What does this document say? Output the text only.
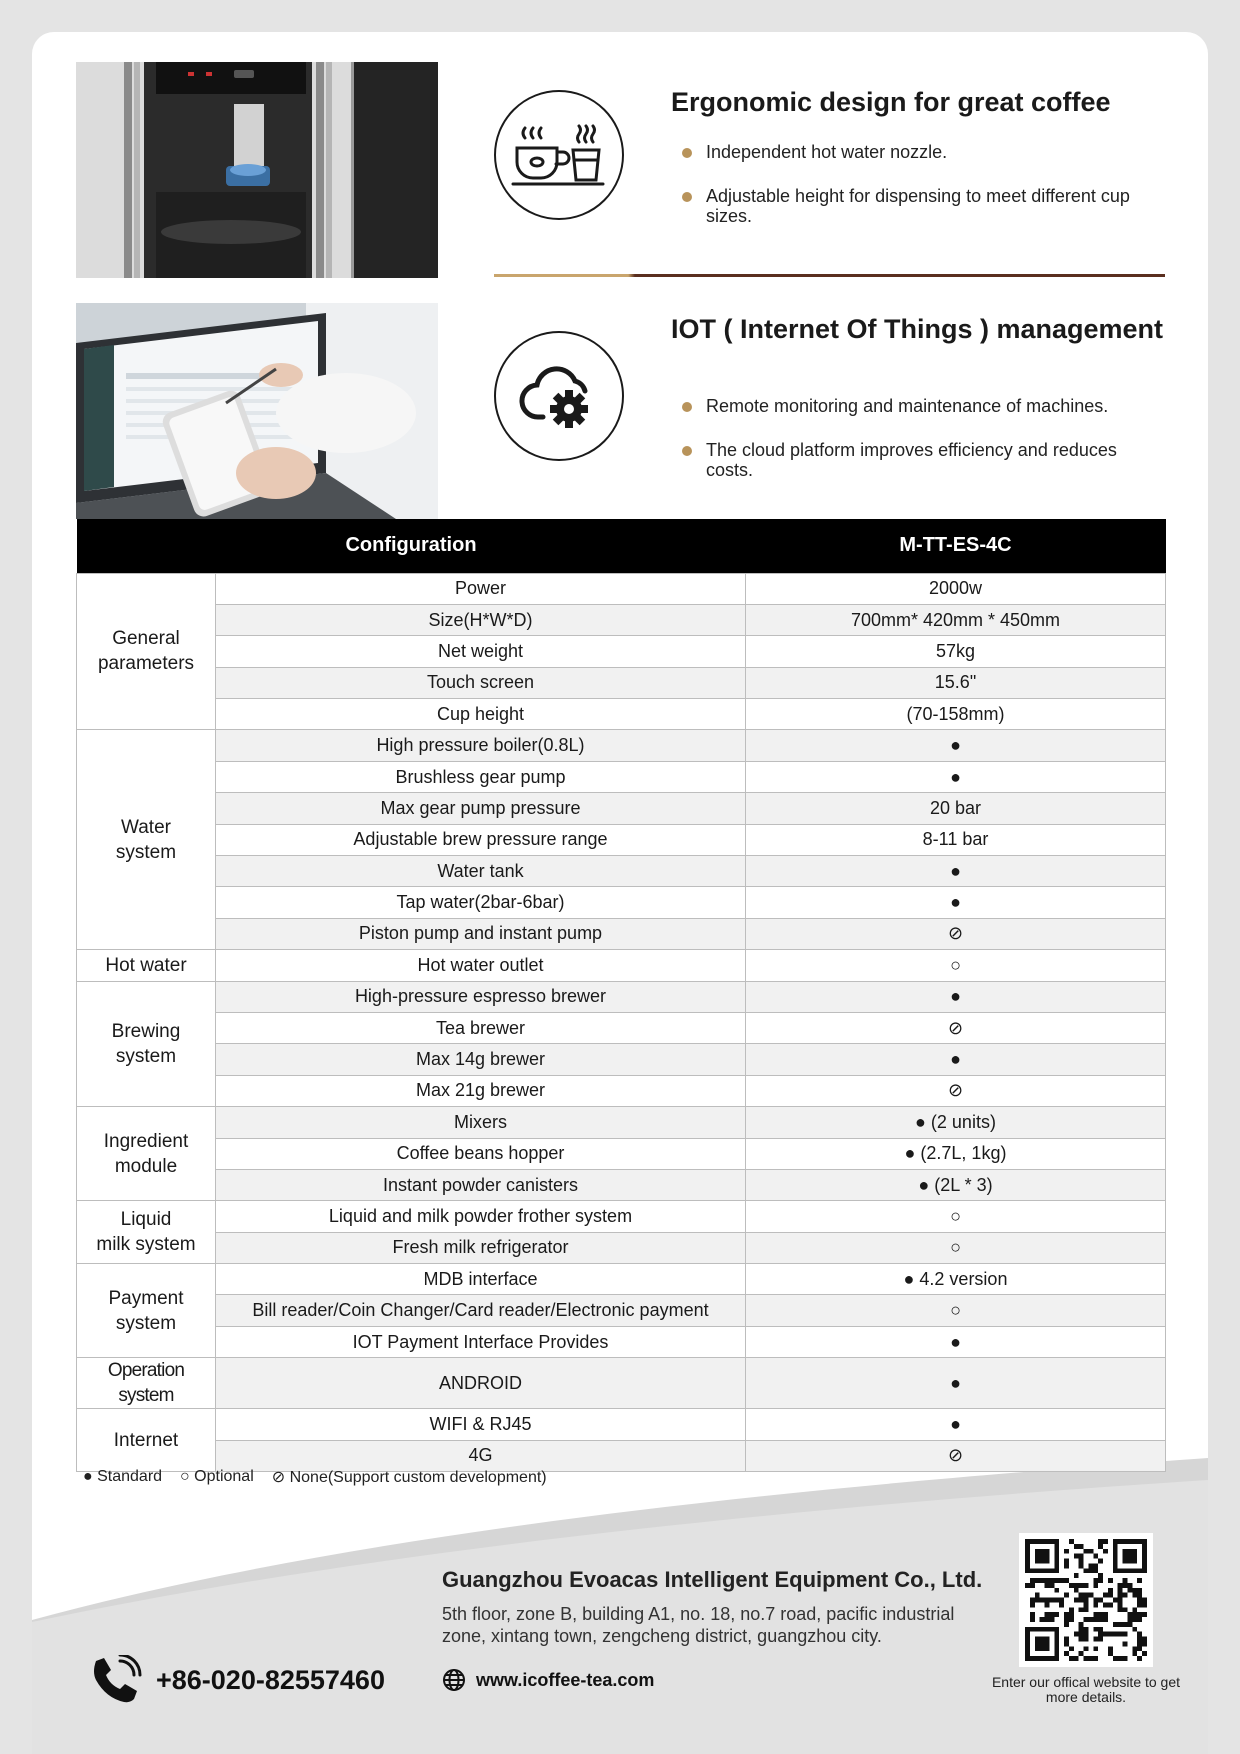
Ergonomic design for great coffee
Independent hot water nozzle.
Adjustable height for dispensing to meet different cup sizes.
IOT ( Internet Of Things ) management
Remote monitoring and maintenance of machines.
The cloud platform improves efficiency and reduces costs.
Configuration		M-TT-ES-4C
General
parameters	Power	2000w
	Size(H*W*D)	700mm* 420mm * 450mm
	Net weight	57kg
	Touch screen	15.6"
	Cup height	(70-158mm)
Water
system	High pressure boiler(0.8L)	●
	Brushless gear pump	●
	Max gear pump pressure	20 bar
	Adjustable brew pressure range	8-11 bar
	Water tank	●
	Tap water(2bar-6bar)	●
	Piston pump and instant pump	⊘
Hot water	Hot water outlet	○
Brewing
system	High-pressure espresso brewer	●
	Tea brewer	⊘
	Max 14g brewer	●
	Max 21g brewer	⊘
Ingredient
module	Mixers	● (2 units)
	Coffee beans hopper	● (2.7L, 1kg)
	Instant powder canisters	● (2L * 3)
Liquid
milk system	Liquid and milk powder frother system	○
	Fresh milk refrigerator	○
Payment
system	MDB interface	● 4.2 version
	Bill reader/Coin Changer/Card reader/Electronic payment	○
	IOT Payment Interface Provides	●
Operation system	ANDROID	●
Internet	WIFI & RJ45	●
	4G	⊘
● Standard ○ Optional ⊘ None(Support custom development)
Guangzhou Evoacas Intelligent Equipment Co., Ltd.
5th floor, zone B, building A1, no. 18, no.7 road, pacific industrial zone, xintang town, zengcheng district, guangzhou city.
+86-020-82557460	www.icoffee-tea.com	Enter our offical website to get more details.
